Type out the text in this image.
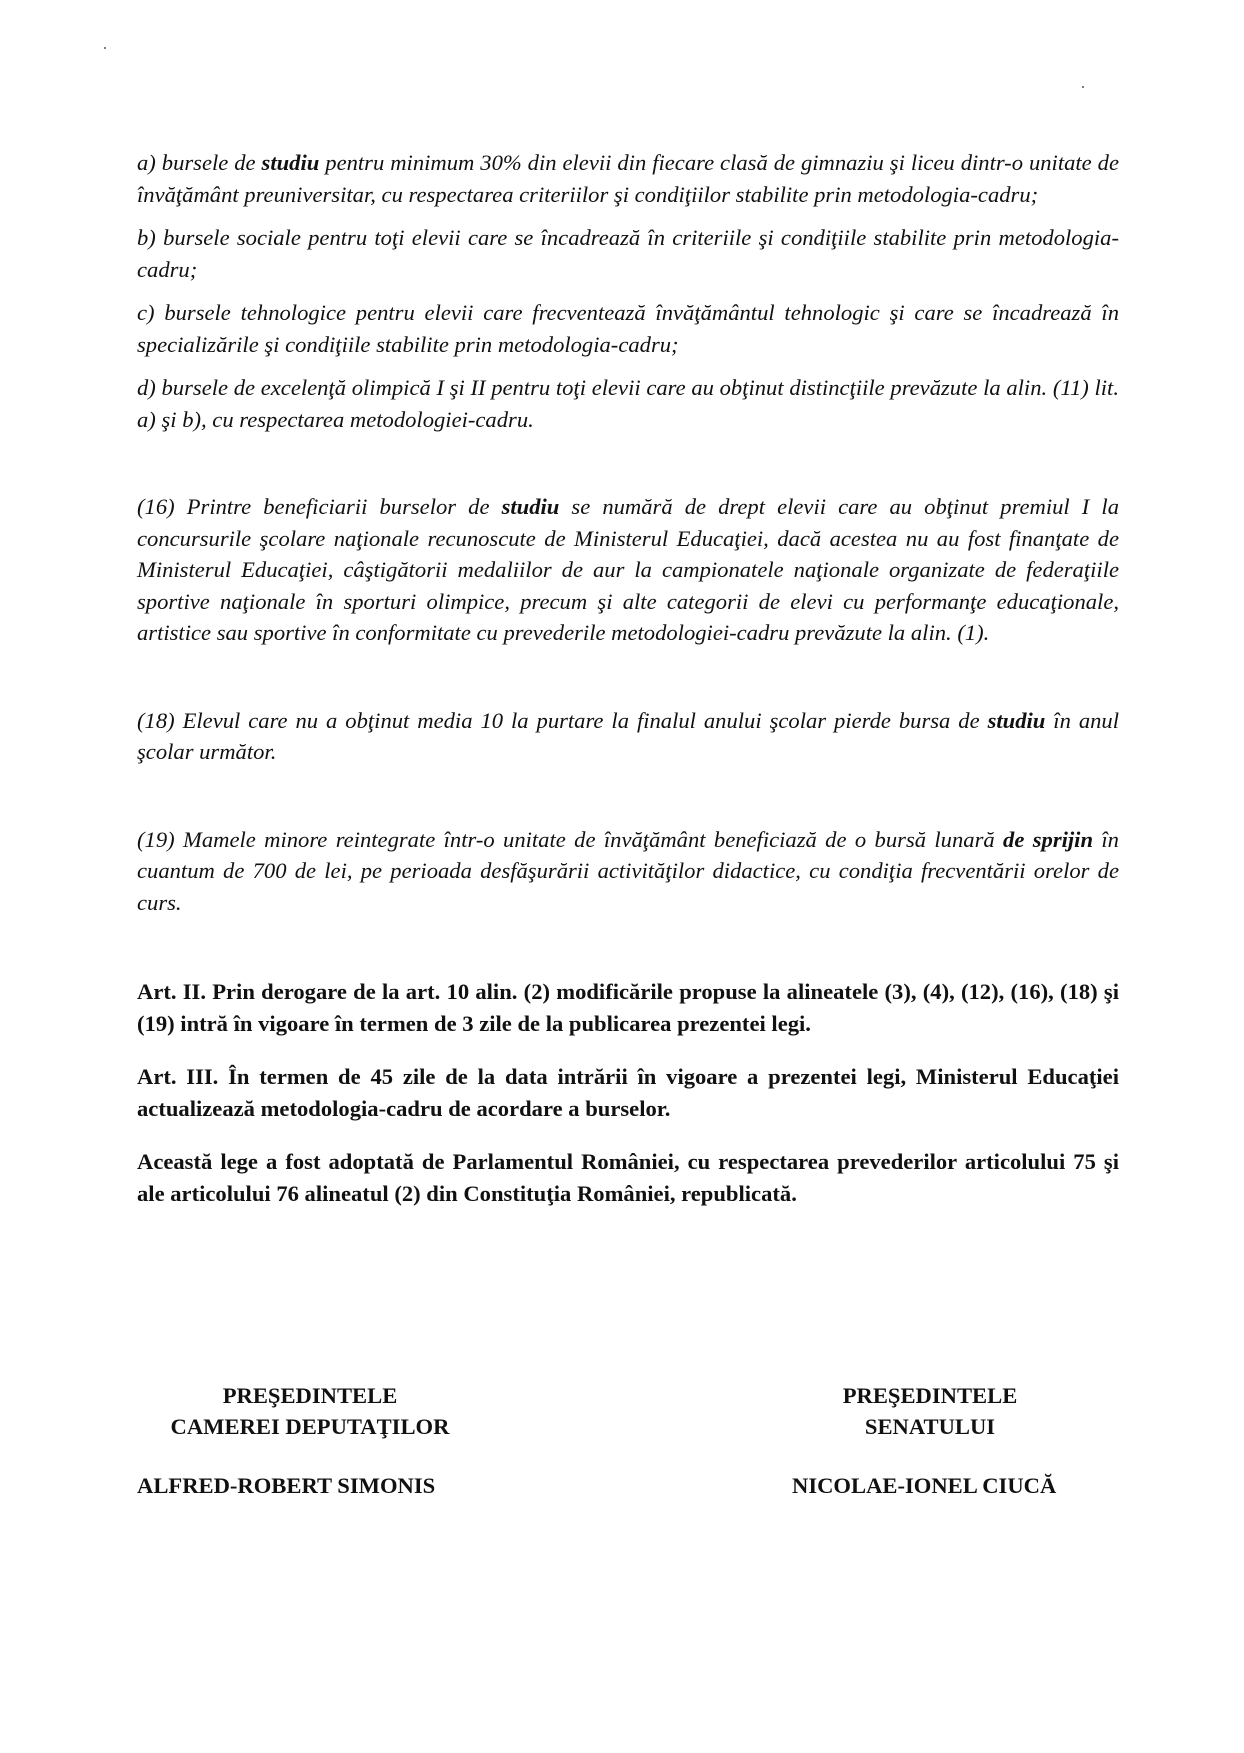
a) bursele de studiu pentru minimum 30% din elevii din fiecare clasă de gimnaziu şi liceu dintr-o unitate de învăţământ preuniversitar, cu respectarea criteriilor şi condiţiilor stabilite prin metodologia-cadru;

b) bursele sociale pentru toţi elevii care se încadrează în criteriile şi condiţiile stabilite prin metodologia-cadru;

c) bursele tehnologice pentru elevii care frecventează învăţământul tehnologic şi care se încadrează în specializările şi condiţiile stabilite prin metodologia-cadru;

d) bursele de excelenţă olimpică I şi II pentru toţi elevii care au obţinut distincţiile prevăzute la alin. (11) lit. a) şi b), cu respectarea metodologiei-cadru.

(16) Printre beneficiarii burselor de studiu se numără de drept elevii care au obţinut premiul I la concursurile şcolare naţionale recunoscute de Ministerul Educaţiei, dacă acestea nu au fost finanţate de Ministerul Educaţiei, câştigătorii medaliilor de aur la campionatele naţionale organizate de federaţiile sportive naţionale în sporturi olimpice, precum şi alte categorii de elevi cu performanţe educaţionale, artistice sau sportive în conformitate cu prevederile metodologiei-cadru prevăzute la alin. (1).

(18) Elevul care nu a obţinut media 10 la purtare la finalul anului şcolar pierde bursa de studiu în anul şcolar următor.

(19) Mamele minore reintegrate într-o unitate de învăţământ beneficiază de o bursă lunară de sprijin în cuantum de 700 de lei, pe perioada desfăşurării activităţilor didactice, cu condiţia frecventării orelor de curs.

Art. II. Prin derogare de la art. 10 alin. (2) modificările propuse la alineatele (3), (4), (12), (16), (18) şi (19) intră în vigoare în termen de 3 zile de la publicarea prezentei legi.

Art. III. În termen de 45 zile de la data intrării în vigoare a prezentei legi, Ministerul Educaţiei actualizează metodologia-cadru de acordare a burselor.

Această lege a fost adoptată de Parlamentul României, cu respectarea prevederilor articolului 75 şi ale articolului 76 alineatul (2) din Constituţia României, republicată.

PREŞEDINTELE
CAMEREI DEPUTAŢILOR
PREŞEDINTELE
SENATULUI
ALFRED-ROBERT SIMONIS	NICOLAE-IONEL CIUCĂ
